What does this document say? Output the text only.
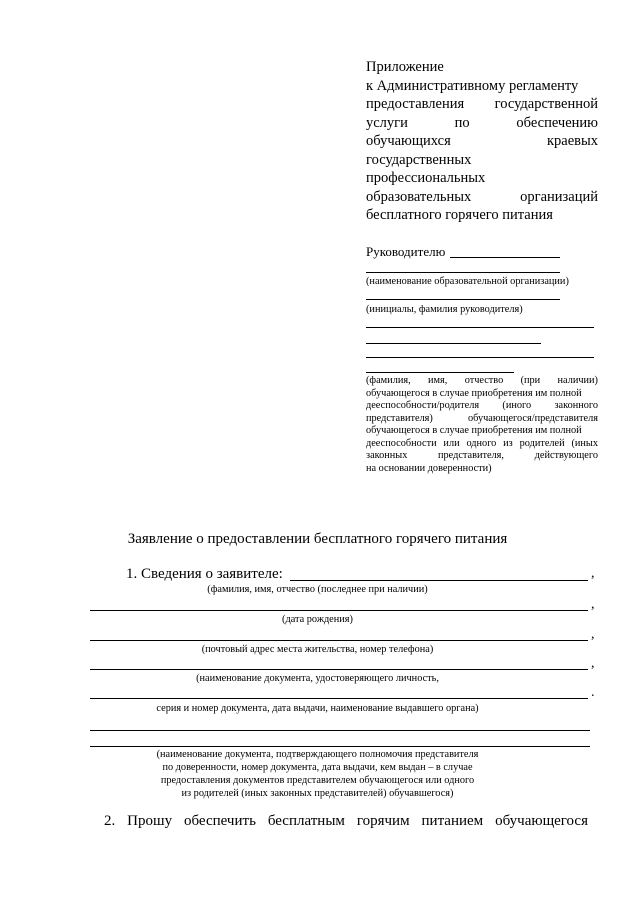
Приложение
к Административному регламенту
предоставления государственной
услуги по обеспечению
обучающихся краевых
государственных
профессиональных
образовательных организаций
бесплатного горячего питания
Руководителю
(наименование образовательной организации)
(инициалы, фамилия руководителя)
(фамилия, имя, отчество (при наличии)
обучающегося в случае приобретения им полной
дееспособности/родителя (иного законного
представителя) обучающегося/представителя
обучающегося в случае приобретения им полной
дееспособности или одного из родителей (иных
законных представителя, действующего
на основании доверенности)
Заявление о предоставлении бесплатного горячего питания
1. Сведения о заявителе:	,
(фамилия, имя, отчество (последнее при наличии)
,
(дата рождения)
,
(почтовый адрес места жительства, номер телефона)
,
(наименование документа, удостоверяющего личность,
.
серия и номер документа, дата выдачи, наименование выдавшего органа)
(наименование документа, подтверждающего полномочия представителя
по доверенности, номер документа, дата выдачи, кем выдан – в случае
предоставления документов представителем обучающегося или одного
из родителей (иных законных представителей) обучавшегося)
2. Прошу обеспечить бесплатным горячим питанием обучающегося
